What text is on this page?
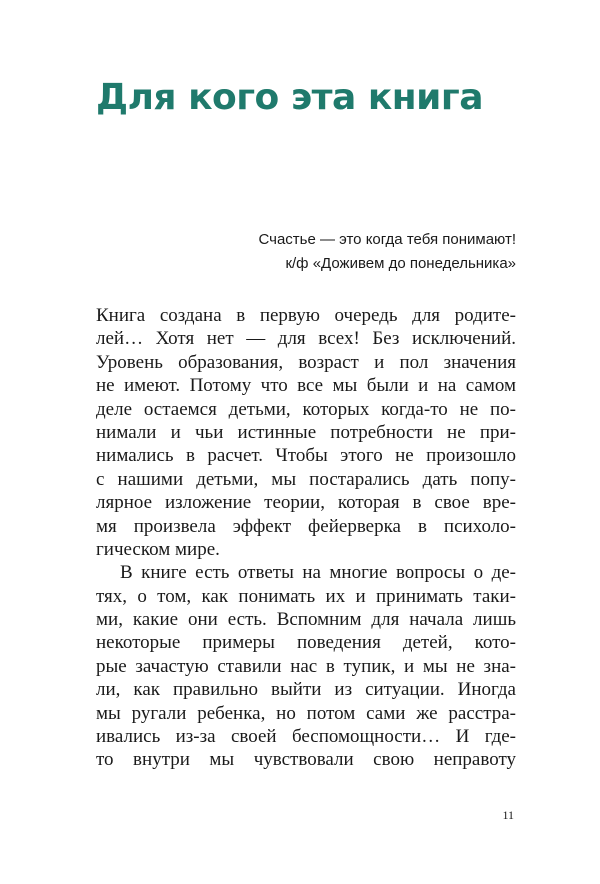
Для кого эта книга
Счастье — это когда тебя понимают!
к/ф «Доживем до понедельника»
Книга создана в первую очередь для родите-
лей… Хотя нет — для всех! Без исключений.
Уровень образования, возраст и пол значения
не имеют. Потому что все мы были и на самом
деле остаемся детьми, которых когда-то не по-
нимали и чьи истинные потребности не при-
нимались в расчет. Чтобы этого не произошло
с нашими детьми, мы постарались дать попу-
лярное изложение теории, которая в свое вре-
мя произвела эффект фейерверка в психоло-
гическом мире.
В книге есть ответы на многие вопросы о де-
тях, о том, как понимать их и принимать таки-
ми, какие они есть. Вспомним для начала лишь
некоторые примеры поведения детей, кото-
рые зачастую ставили нас в тупик, и мы не зна-
ли, как правильно выйти из ситуации. Иногда
мы ругали ребенка, но потом сами же расстра-
ивались из-за своей беспомощности… И где-
то внутри мы чувствовали свою неправоту
11
